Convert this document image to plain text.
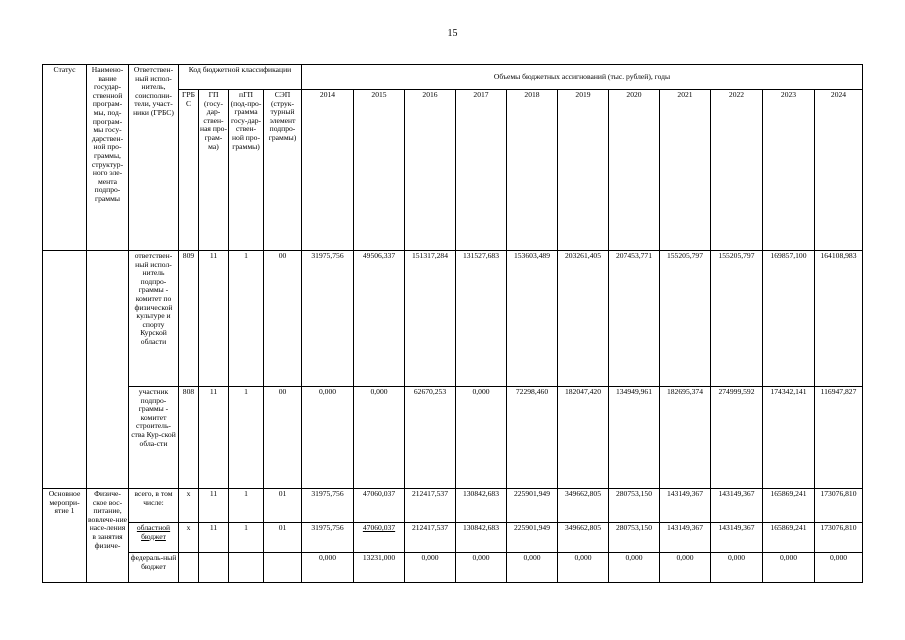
15
Статус	Наимено-вание государ-ственной програм-мы, под-програм-мы госу-дарствен-ной про-граммы, структур-ного эле-мента подпро-граммы	Ответствен-ный испол-нитель, соисполни-тели, участ-ники (ГРБС)	Код бюджетной классификации				Объемы бюджетных ассигнований (тыс. рублей), годы										
			ГРБ С	ГП (госу-дар-ствен-ная про-грам-ма)	пГП (под-про-грамма госу-дар-ствен-ной про-граммы)	СЭП (струк-турный элемент подпро-граммы)	2014	2015	2016	2017	2018	2019	2020	2021	2022	2023	2024
		ответствен-ный испол-нитель подпро-граммы - комитет по физической культуре и спорту Курской области	809	11	1	00	31975,756	49506,337	151317,284	131527,683	153603,489	203261,405	207453,771	155205,797	155205,797	169857,100	164108,983
		участник подпро-граммы - комитет строитель-ства Кур-ской обла-сти	808	11	1	00	0,000	0,000	62670,253	0,000	72298,460	182047,420	134949,961	182695,374	274999,592	174342,141	116947,827
Основное меропри-ятие 1	Физиче-ское вос-питание, вовлече-ние насе-ления в занятия физиче-	всего, в том числе:	x	11	1	01	31975,756	47060,037	212417,537	130842,683	225901,949	349662,805	280753,150	143149,367	143149,367	165869,241	173076,810
		областной бюджет	x	11	1	01	31975,756	47060,037	212417,537	130842,683	225901,949	349662,805	280753,150	143149,367	143149,367	165869,241	173076,810
		федераль-ный бюджет					0,000	13231,000	0,000	0,000	0,000	0,000	0,000	0,000	0,000	0,000	0,000
